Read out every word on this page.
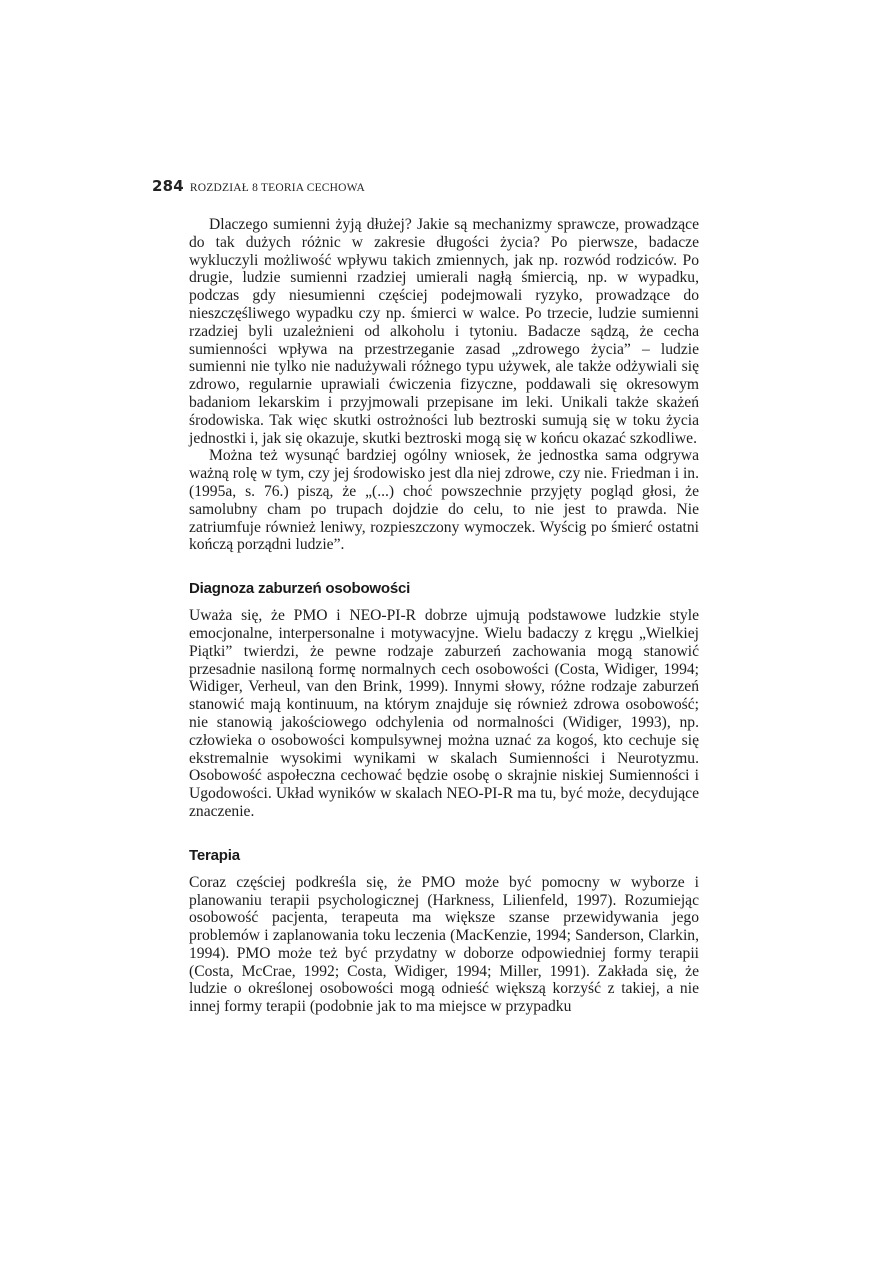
284 ROZDZIAŁ 8 TEORIA CECHOWA

Dlaczego sumienni żyją dłużej? Jakie są mechanizmy sprawcze, prowadzące do tak dużych różnic w zakresie długości życia? Po pierwsze, badacze wykluczyli możliwość wpływu takich zmiennych, jak np. rozwód rodziców. Po drugie, ludzie sumienni rzadziej umierali nagłą śmiercią, np. w wypadku, podczas gdy niesumienni częściej podejmowali ryzyko, prowadzące do nieszczęśliwego wypadku czy np. śmierci w walce. Po trzecie, ludzie sumienni rzadziej byli uzależnieni od alkoholu i tytoniu. Badacze sądzą, że cecha sumienności wpływa na przestrzeganie zasad „zdrowego życia” – ludzie sumienni nie tylko nie nadużywali różnego typu używek, ale także odżywiali się zdrowo, regularnie uprawiali ćwiczenia fizyczne, poddawali się okresowym badaniom lekarskim i przyjmowali przepisane im leki. Unikali także skażeń środowiska. Tak więc skutki ostrożności lub beztroski sumują się w toku życia jednostki i, jak się okazuje, skutki beztroski mogą się w końcu okazać szkodliwe.

Można też wysunąć bardziej ogólny wniosek, że jednostka sama odgrywa ważną rolę w tym, czy jej środowisko jest dla niej zdrowe, czy nie. Friedman i in. (1995a, s. 76.) piszą, że „(...) choć powszechnie przyjęty pogląd głosi, że samolubny cham po trupach dojdzie do celu, to nie jest to prawda. Nie zatriumfuje również leniwy, rozpieszczony wymoczek. Wyścig po śmierć ostatni kończą porządni ludzie”.

Diagnoza zaburzeń osobowości

Uważa się, że PMO i NEO-PI-R dobrze ujmują podstawowe ludzkie style emocjonalne, interpersonalne i motywacyjne. Wielu badaczy z kręgu „Wielkiej Piątki” twierdzi, że pewne rodzaje zaburzeń zachowania mogą stanowić przesadnie nasiloną formę normalnych cech osobowości (Costa, Widiger, 1994; Widiger, Verheul, van den Brink, 1999). Innymi słowy, różne rodzaje zaburzeń stanowić mają kontinuum, na którym znajduje się również zdrowa osobowość; nie stanowią jakościowego odchylenia od normalności (Widiger, 1993), np. człowieka o osobowości kompulsywnej można uznać za kogoś, kto cechuje się ekstremalnie wysokimi wynikami w skalach Sumienności i Neurotyzmu. Osobowość aspołeczna cechować będzie osobę o skrajnie niskiej Sumienności i Ugodowości. Układ wyników w skalach NEO-PI-R ma tu, być może, decydujące znaczenie.

Terapia

Coraz częściej podkreśla się, że PMO może być pomocny w wyborze i planowaniu terapii psychologicznej (Harkness, Lilienfeld, 1997). Rozumiejąc osobowość pacjenta, terapeuta ma większe szanse przewidywania jego problemów i zaplanowania toku leczenia (MacKenzie, 1994; Sanderson, Clarkin, 1994). PMO może też być przydatny w doborze odpowiedniej formy terapii (Costa, McCrae, 1992; Costa, Widiger, 1994; Miller, 1991). Zakłada się, że ludzie o określonej osobowości mogą odnieść większą korzyść z takiej, a nie innej formy terapii (podobnie jak to ma miejsce w przypadku
